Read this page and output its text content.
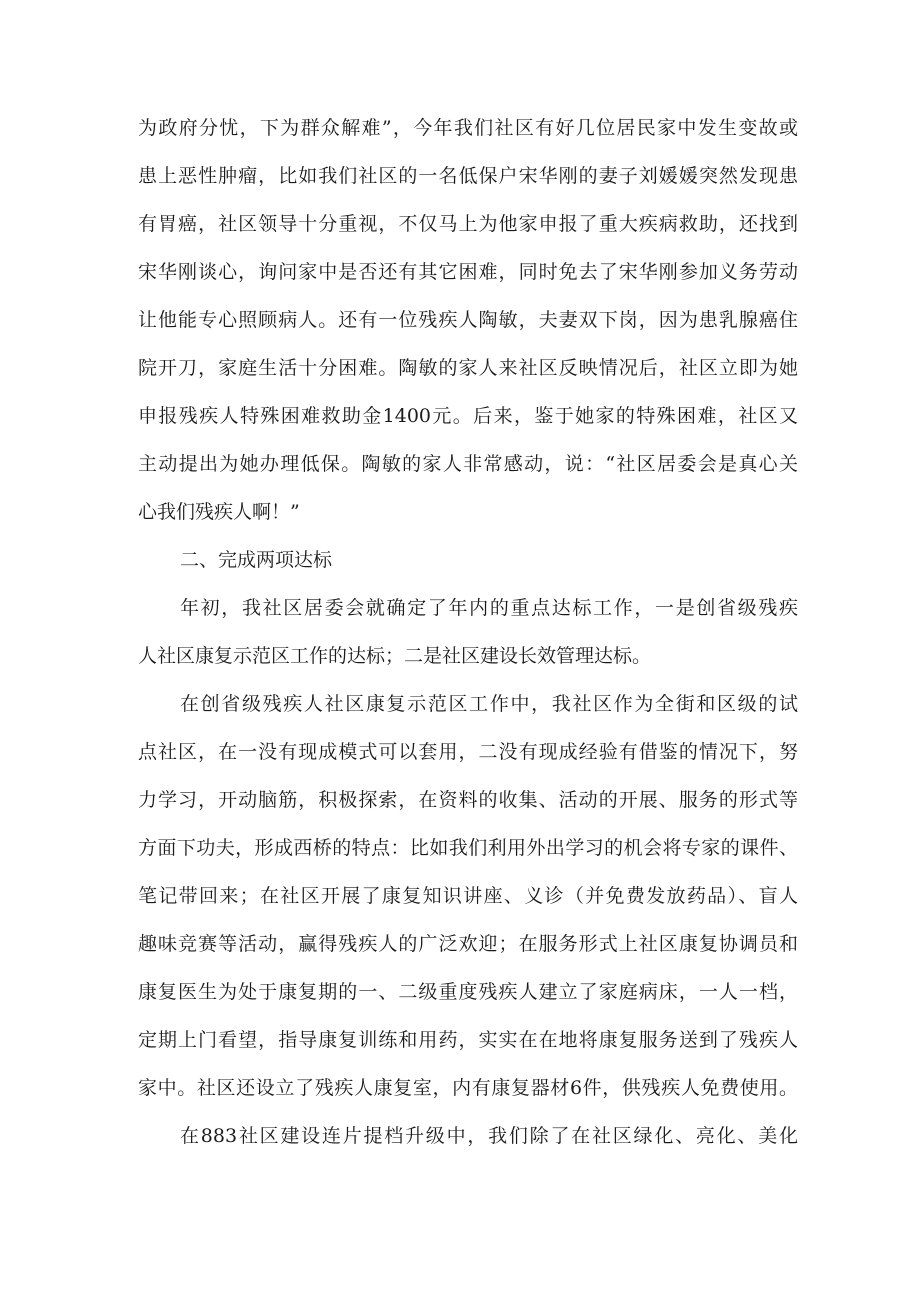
为政府分忧，下为群众解难”，今年我们社区有好几位居民家中发生变故或
患上恶性肿瘤，比如我们社区的一名低保户宋华刚的妻子刘媛媛突然发现患
有胃癌，社区领导十分重视，不仅马上为他家申报了重大疾病救助，还找到
宋华刚谈心，询问家中是否还有其它困难，同时免去了宋华刚参加义务劳动
让他能专心照顾病人。还有一位残疾人陶敏，夫妻双下岗，因为患乳腺癌住
院开刀，家庭生活十分困难。陶敏的家人来社区反映情况后，社区立即为她
申报残疾人特殊困难救助金1400元。后来，鉴于她家的特殊困难，社区又
主动提出为她办理低保。陶敏的家人非常感动，说：“社区居委会是真心关
心我们残疾人啊！”
二、完成两项达标
年初，我社区居委会就确定了年内的重点达标工作，一是创省级残疾
人社区康复示范区工作的达标；二是社区建设长效管理达标。
在创省级残疾人社区康复示范区工作中，我社区作为全街和区级的试
点社区，在一没有现成模式可以套用，二没有现成经验有借鉴的情况下，努
力学习，开动脑筋，积极探索，在资料的收集、活动的开展、服务的形式等
方面下功夫，形成西桥的特点：比如我们利用外出学习的机会将专家的课件、
笔记带回来；在社区开展了康复知识讲座、义诊（并免费发放药品）、盲人
趣味竞赛等活动，赢得残疾人的广泛欢迎；在服务形式上社区康复协调员和
康复医生为处于康复期的一、二级重度残疾人建立了家庭病床，一人一档，
定期上门看望，指导康复训练和用药，实实在在地将康复服务送到了残疾人
家中。社区还设立了残疾人康复室，内有康复器材6件，供残疾人免费使用。
在883社区建设连片提档升级中，我们除了在社区绿化、亮化、美化
